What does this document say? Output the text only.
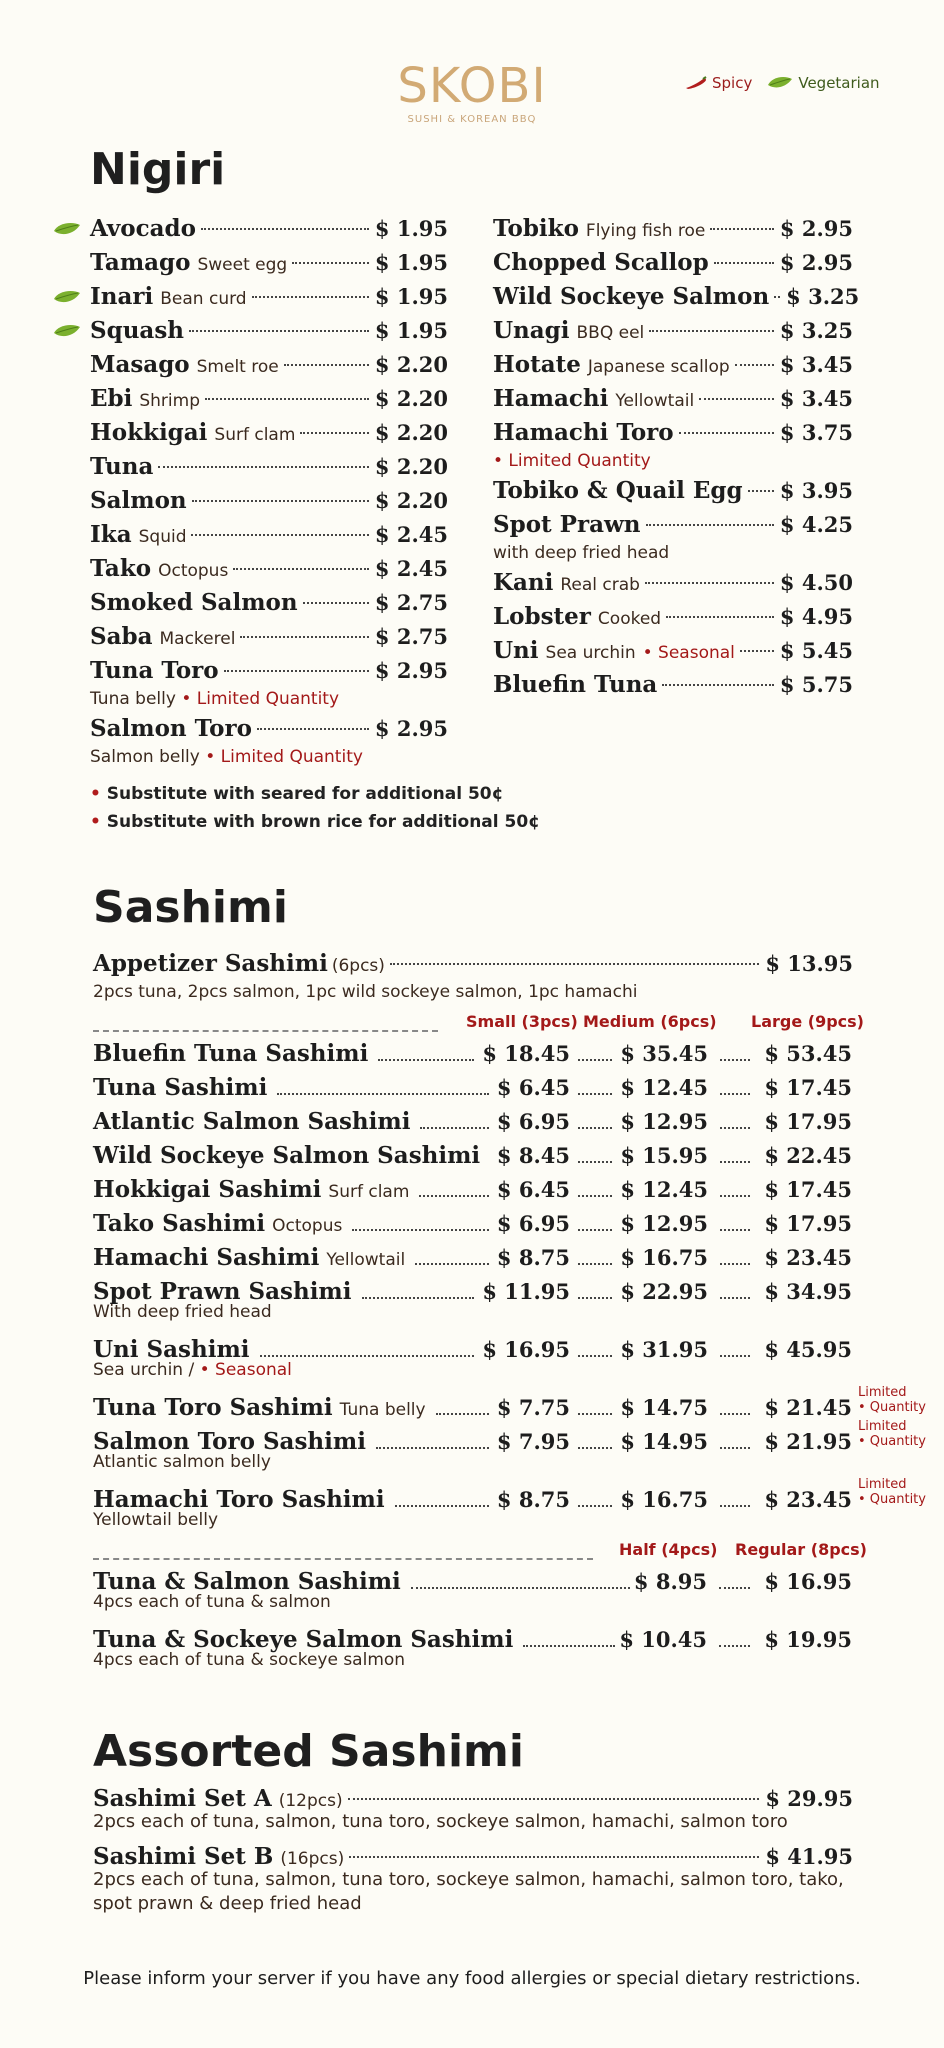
SKOBI
SUSHI & KOREAN BBQ
Spicy	Vegetarian
Nigiri
Avocado	$ 1.95
Tamago Sweet egg	$ 1.95
Inari Bean curd	$ 1.95
Squash	$ 1.95
Masago Smelt roe	$ 2.20
Ebi Shrimp	$ 2.20
Hokkigai Surf clam	$ 2.20
Tuna	$ 2.20
Salmon	$ 2.20
Ika Squid	$ 2.45
Tako Octopus	$ 2.45
Smoked Salmon	$ 2.75
Saba Mackerel	$ 2.75
Tuna Toro	$ 2.95
Tuna belly • Limited Quantity
Salmon Toro	$ 2.95
Salmon belly • Limited Quantity
Tobiko Flying fish roe	$ 2.95
Chopped Scallop	$ 2.95
Wild Sockeye Salmon $ 3.25
Unagi BBQ eel	$ 3.25
Hotate Japanese scallop $ 3.45
Hamachi Yellowtail	$ 3.45
Hamachi Toro	$ 3.75
• Limited Quantity
Tobiko & Quail Egg $ 3.95
Spot Prawn	$ 4.25
with deep fried head
Kani Real crab	$ 4.50
Lobster Cooked	$ 4.95
Uni Sea urchin • Seasonal $ 5.45
Bluefin Tuna	$ 5.75
• Substitute with seared for additional 50¢
• Substitute with brown rice for additional 50¢
Sashimi
Appetizer Sashimi (6pcs)	$ 13.95
2pcs tuna, 2pcs salmon, 1pc wild sockeye salmon, 1pc hamachi
Small (3pcs) Medium (6pcs) Large (9pcs)
Bluefin Tuna Sashimi	$ 18.45 $ 35.45	$ 53.45
Tuna Sashimi	$ 6.45 $ 12.45	$ 17.45
Atlantic Salmon Sashimi	$ 6.95 $ 12.95	$ 17.95
Wild Sockeye Salmon Sashimi $ 8.45 $ 15.95	$ 22.45
Hokkigai Sashimi Surf clam	$ 6.45 $ 12.45	$ 17.45
Tako Sashimi Octopus	$ 6.95 $ 12.95	$ 17.95
Hamachi Sashimi Yellowtail	$ 8.75 $ 16.75	$ 23.45
Spot Prawn Sashimi	$ 11.95 $ 22.95	$ 34.95
With deep fried head
Uni Sashimi	$ 16.95 $ 31.95	$ 45.95
Sea urchin / • Seasonal
Tuna Toro Sashimi Tuna belly	$ 7.75 $ 14.75	$ 21.45
Limited
• Quantity
Salmon Toro Sashimi	$ 7.95 $ 14.95	$ 21.95
Limited
• Quantity
Atlantic salmon belly
Hamachi Toro Sashimi	$ 8.75 $ 16.75	$ 23.45
Limited
• Quantity
Yellowtail belly
Half (4pcs) Regular (8pcs)
Tuna & Salmon Sashimi	$ 8.95	$ 16.95
4pcs each of tuna & salmon
Tuna & Sockeye Salmon Sashimi	$ 10.45	$ 19.95
4pcs each of tuna & sockeye salmon
Assorted Sashimi
Sashimi Set A (12pcs)	$ 29.95
2pcs each of tuna, salmon, tuna toro, sockeye salmon, hamachi, salmon toro
Sashimi Set B (16pcs)	$ 41.95
2pcs each of tuna, salmon, tuna toro, sockeye salmon, hamachi, salmon toro, tako,
spot prawn & deep fried head
Please inform your server if you have any food allergies or special dietary restrictions.
